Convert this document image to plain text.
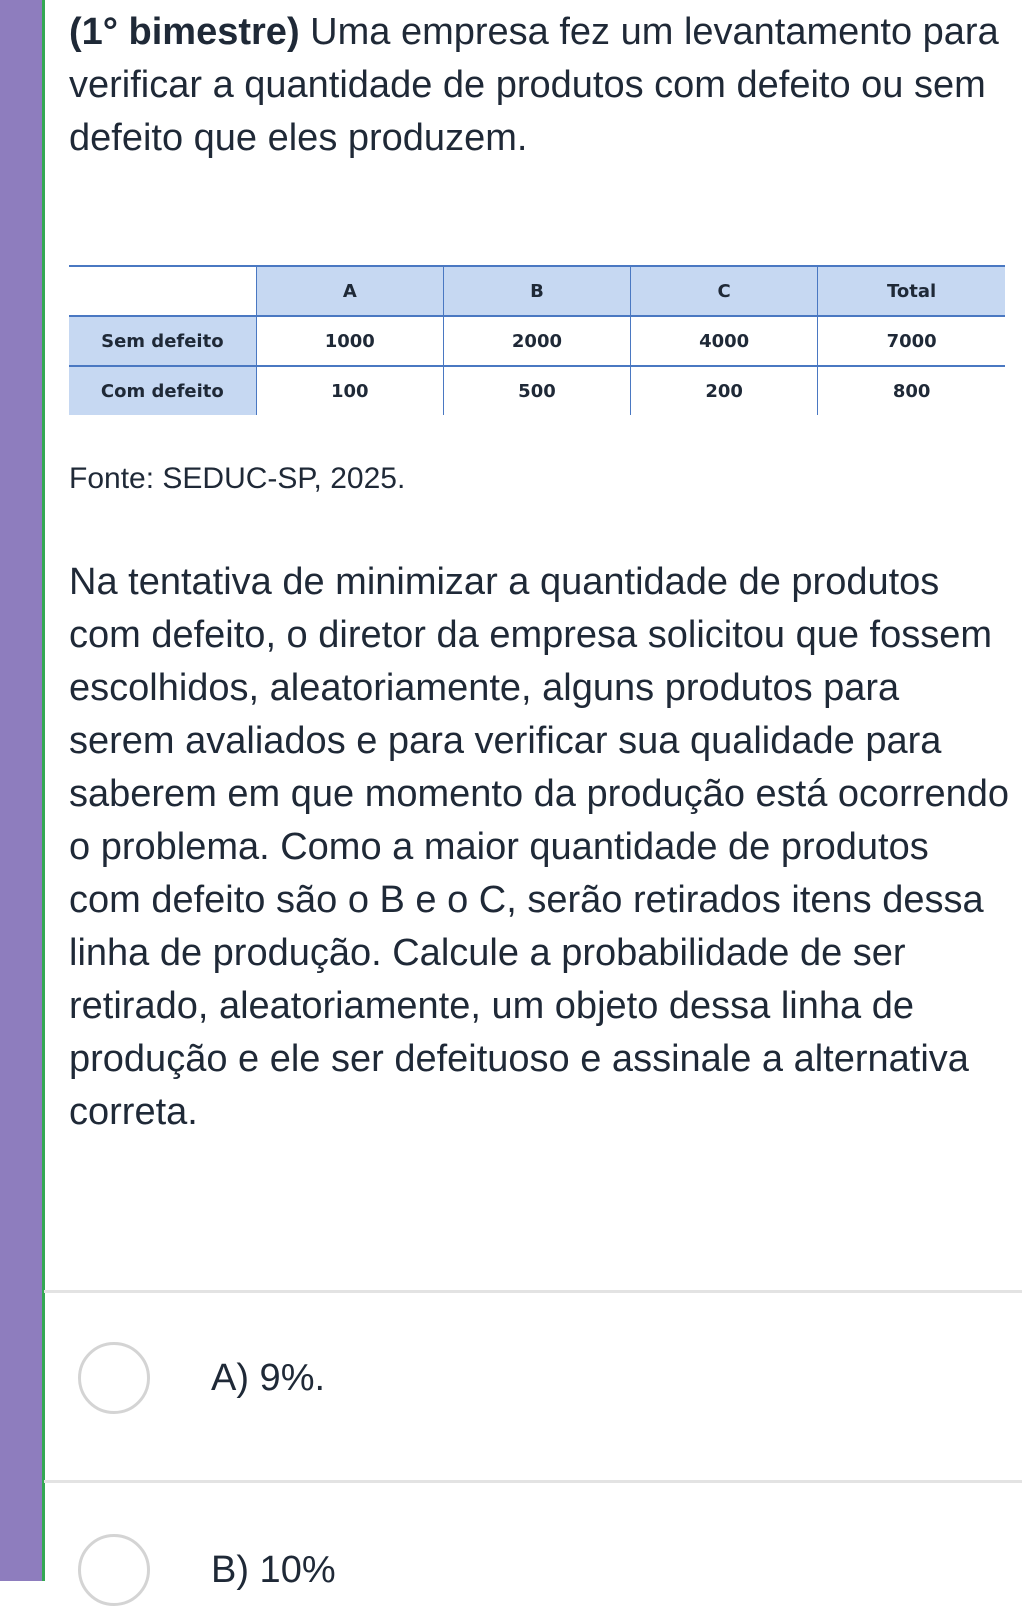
(1° bimestre) Uma empresa fez um levantamento para verificar a quantidade de produtos com defeito ou sem defeito que eles produzem.

	A	B	C	Total
Sem defeito	1000	2000	4000	7000
Com defeito	100	500	200	800
Fonte: SEDUC-SP, 2025.

Na tentativa de minimizar a quantidade de produtos com defeito, o diretor da empresa solicitou que fossem escolhidos, aleatoriamente, alguns produtos para serem avaliados e para verificar sua qualidade para saberem em que momento da produção está ocorrendo o problema. Como a maior quantidade de produtos com defeito são o B e o C, serão retirados itens dessa linha de produção. Calcule a probabilidade de ser retirado, aleatoriamente, um objeto dessa linha de produção e ele ser defeituoso e assinale a alternativa correta.

A) 9%.
B) 10%
